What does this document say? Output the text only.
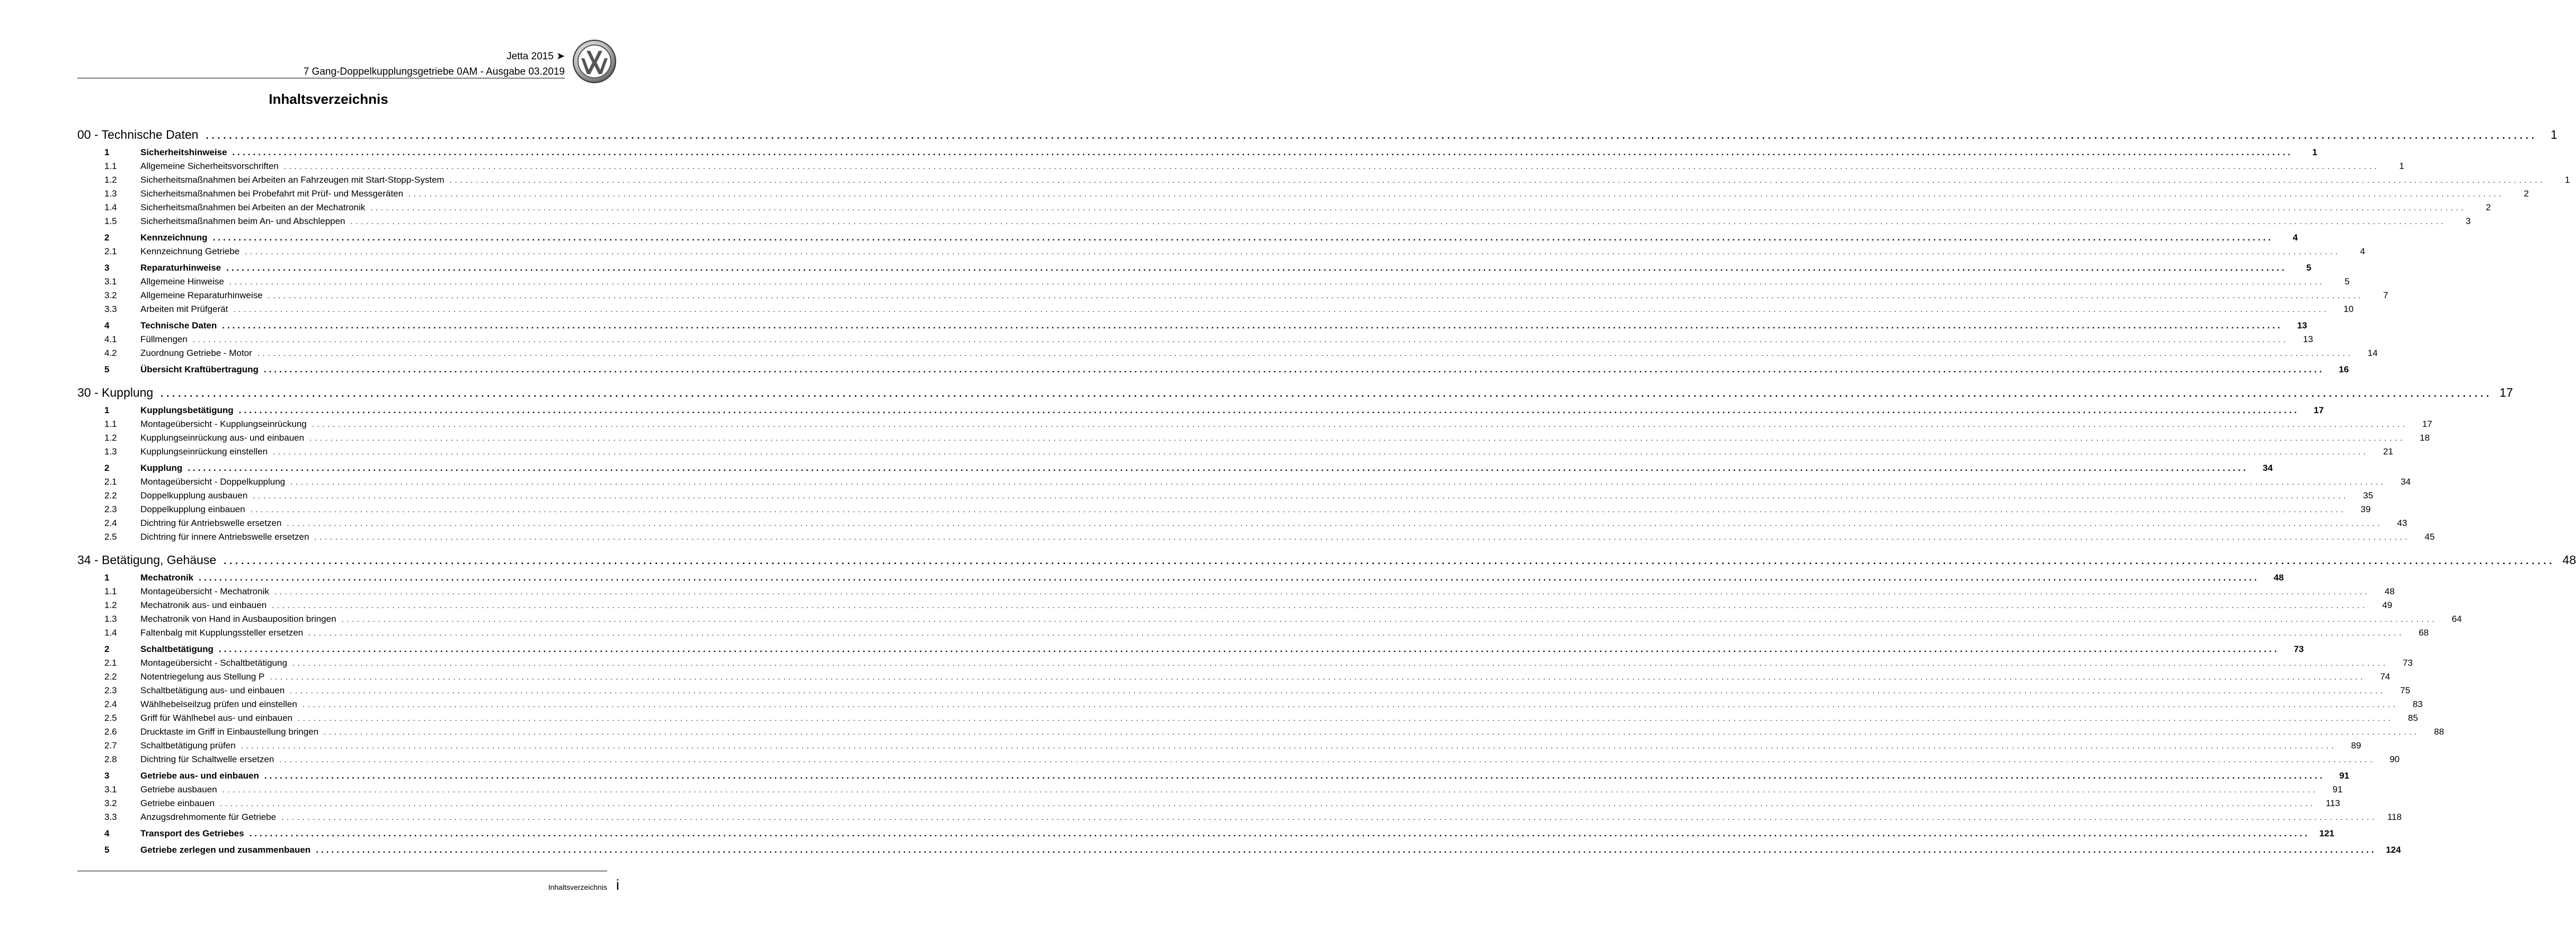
Jetta 2015 ➤
7 Gang-Doppelkupplungsgetriebe 0AM - Ausgabe 03.2019
Inhaltsverzeichnis
00 - Technische Daten ................................................................................................................................................................................................................................................................................................................................................................................................................	1
1	Sicherheitshinweise ................................................................................................................................................................................................................................................................................................................................................................................................................	1
1.1	Allgemeine Sicherheitsvorschriften ................................................................................................................................................................................................................................................................................................................................................................................................................	1
1.2	Sicherheitsmaßnahmen bei Arbeiten an Fahrzeugen mit Start-Stopp-System ................................................................................................................................................................................................................................................................................................................................................................................................................	1
1.3	Sicherheitsmaßnahmen bei Probefahrt mit Prüf- und Messgeräten ................................................................................................................................................................................................................................................................................................................................................................................................................	2
1.4	Sicherheitsmaßnahmen bei Arbeiten an der Mechatronik ................................................................................................................................................................................................................................................................................................................................................................................................................	2
1.5	Sicherheitsmaßnahmen beim An- und Abschleppen ................................................................................................................................................................................................................................................................................................................................................................................................................	3
2	Kennzeichnung ................................................................................................................................................................................................................................................................................................................................................................................................................	4
2.1	Kennzeichnung Getriebe ................................................................................................................................................................................................................................................................................................................................................................................................................	4
3	Reparaturhinweise ................................................................................................................................................................................................................................................................................................................................................................................................................	5
3.1	Allgemeine Hinweise ................................................................................................................................................................................................................................................................................................................................................................................................................	5
3.2	Allgemeine Reparaturhinweise ................................................................................................................................................................................................................................................................................................................................................................................................................	7
3.3	Arbeiten mit Prüfgerät ................................................................................................................................................................................................................................................................................................................................................................................................................	10
4	Technische Daten ................................................................................................................................................................................................................................................................................................................................................................................................................	13
4.1	Füllmengen ................................................................................................................................................................................................................................................................................................................................................................................................................	13
4.2	Zuordnung Getriebe - Motor ................................................................................................................................................................................................................................................................................................................................................................................................................	14
5	Übersicht Kraftübertragung ................................................................................................................................................................................................................................................................................................................................................................................................................	16
30 - Kupplung ................................................................................................................................................................................................................................................................................................................................................................................................................ 17
1	Kupplungsbetätigung ................................................................................................................................................................................................................................................................................................................................................................................................................	17
1.1	Montageübersicht - Kupplungseinrückung ................................................................................................................................................................................................................................................................................................................................................................................................................	17
1.2	Kupplungseinrückung aus- und einbauen ................................................................................................................................................................................................................................................................................................................................................................................................................	18
1.3	Kupplungseinrückung einstellen ................................................................................................................................................................................................................................................................................................................................................................................................................	21
2	Kupplung ................................................................................................................................................................................................................................................................................................................................................................................................................	34
2.1	Montageübersicht - Doppelkupplung ................................................................................................................................................................................................................................................................................................................................................................................................................	34
2.2	Doppelkupplung ausbauen ................................................................................................................................................................................................................................................................................................................................................................................................................	35
2.3	Doppelkupplung einbauen ................................................................................................................................................................................................................................................................................................................................................................................................................	39
2.4	Dichtring für Antriebswelle ersetzen ................................................................................................................................................................................................................................................................................................................................................................................................................	43
2.5	Dichtring für innere Antriebswelle ersetzen ................................................................................................................................................................................................................................................................................................................................................................................................................	45
34 - Betätigung, Gehäuse ................................................................................................................................................................................................................................................................................................................................................................................................................ 48
1	Mechatronik ................................................................................................................................................................................................................................................................................................................................................................................................................	48
1.1	Montageübersicht - Mechatronik ................................................................................................................................................................................................................................................................................................................................................................................................................	48
1.2	Mechatronik aus- und einbauen ................................................................................................................................................................................................................................................................................................................................................................................................................	49
1.3	Mechatronik von Hand in Ausbauposition bringen ................................................................................................................................................................................................................................................................................................................................................................................................................	64
1.4	Faltenbalg mit Kupplungssteller ersetzen ................................................................................................................................................................................................................................................................................................................................................................................................................	68
2	Schaltbetätigung ................................................................................................................................................................................................................................................................................................................................................................................................................	73
2.1	Montageübersicht - Schaltbetätigung ................................................................................................................................................................................................................................................................................................................................................................................................................	73
2.2	Notentriegelung aus Stellung P ................................................................................................................................................................................................................................................................................................................................................................................................................	74
2.3	Schaltbetätigung aus- und einbauen ................................................................................................................................................................................................................................................................................................................................................................................................................	75
2.4	Wählhebelseilzug prüfen und einstellen ................................................................................................................................................................................................................................................................................................................................................................................................................	83
2.5	Griff für Wählhebel aus- und einbauen ................................................................................................................................................................................................................................................................................................................................................................................................................	85
2.6	Drucktaste im Griff in Einbaustellung bringen ................................................................................................................................................................................................................................................................................................................................................................................................................	88
2.7	Schaltbetätigung prüfen ................................................................................................................................................................................................................................................................................................................................................................................................................	89
2.8	Dichtring für Schaltwelle ersetzen ................................................................................................................................................................................................................................................................................................................................................................................................................	90
3	Getriebe aus- und einbauen ................................................................................................................................................................................................................................................................................................................................................................................................................	91
3.1	Getriebe ausbauen ................................................................................................................................................................................................................................................................................................................................................................................................................	91
3.2	Getriebe einbauen ................................................................................................................................................................................................................................................................................................................................................................................................................	113
3.3	Anzugsdrehmomente für Getriebe ................................................................................................................................................................................................................................................................................................................................................................................................................	118
4	Transport des Getriebes ................................................................................................................................................................................................................................................................................................................................................................................................................	121
5	Getriebe zerlegen und zusammenbauen ................................................................................................................................................................................................................................................................................................................................................................................................................	124
Inhaltsverzeichnis i
